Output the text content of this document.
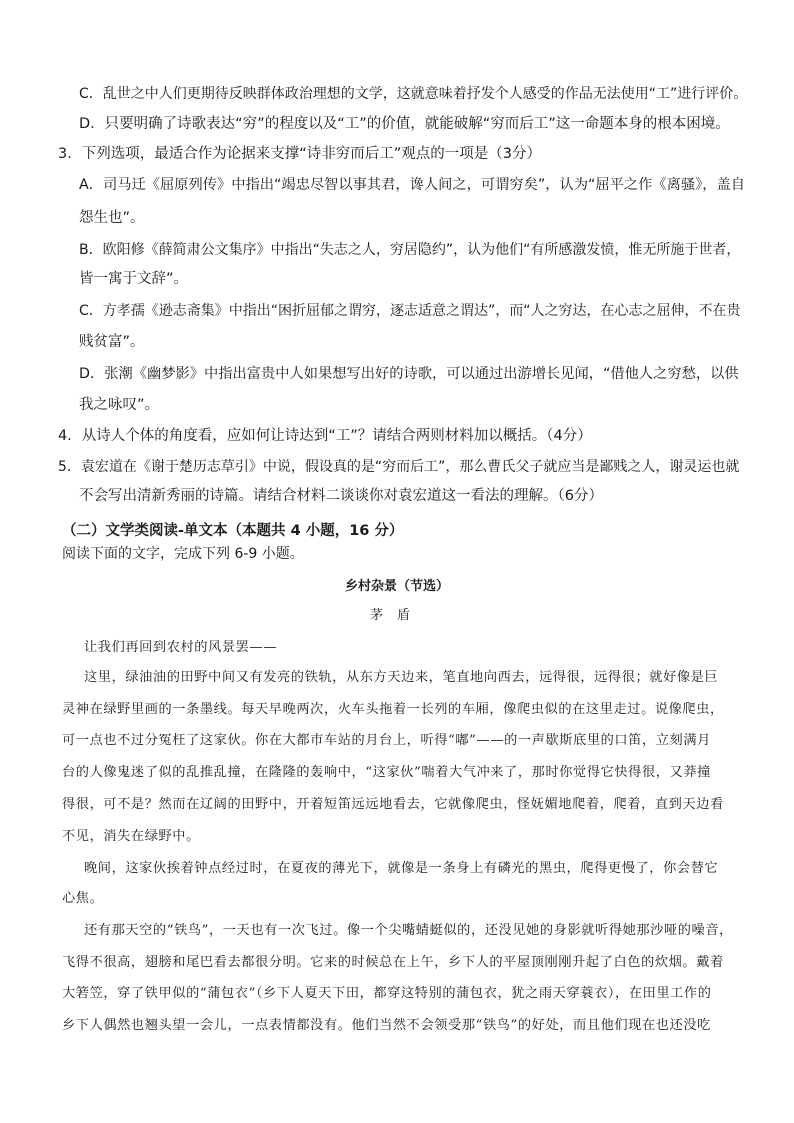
C．乱世之中人们更期待反映群体政治理想的文学，这就意味着抒发个人感受的作品无法使用“工”进行评价。
D．只要明确了诗歌表达“穷”的程度以及“工”的价值，就能破解“穷而后工”这一命题本身的根本困境。
3．下列选项，最适合作为论据来支撑“诗非穷而后工”观点的一项是（3分）
A．司马迁《屈原列传》中指出“竭忠尽智以事其君，谗人间之，可谓穷矣”，认为“屈平之作《离骚》，盖自
怨生也”。
B．欧阳修《薛简肃公文集序》中指出“失志之人，穷居隐约”，认为他们“有所感激发愤，惟无所施于世者，
皆一寓于文辞”。
C．方孝孺《逊志斋集》中指出“困折屈郁之谓穷，逐志适意之谓达”，而“人之穷达，在心志之屈伸，不在贵
贱贫富”。
D．张潮《幽梦影》中指出富贵中人如果想写出好的诗歌，可以通过出游增长见闻，“借他人之穷愁，以供
我之咏叹”。
4．从诗人个体的角度看，应如何让诗达到“工”？请结合两则材料加以概括。（4分）
5．袁宏道在《谢于楚历志草引》中说，假设真的是“穷而后工”，那么曹氏父子就应当是鄙贱之人，谢灵运也就
不会写出清新秀丽的诗篇。请结合材料二谈谈你对袁宏道这一看法的理解。（6分）
（二）文学类阅读-单文本（本题共 4 小题，16 分）
阅读下面的文字，完成下列 6-9 小题。
乡村杂景（节选）
茅盾
让我们再回到农村的风景罢——
这里，绿油油的田野中间又有发亮的铁轨，从东方天边来，笔直地向西去，远得很，远得很；就好像是巨
灵神在绿野里画的一条墨线。每天早晚两次，火车头拖着一长列的车厢，像爬虫似的在这里走过。说像爬虫，
可一点也不过分冤枉了这家伙。你在大都市车站的月台上，听得“嘟”——的一声歇斯底里的口笛，立刻满月
台的人像鬼迷了似的乱推乱撞，在隆隆的轰响中，“这家伙”喘着大气冲来了，那时你觉得它快得很，又莽撞
得很，可不是？然而在辽阔的田野中，开着短笛远远地看去，它就像爬虫，怪妩媚地爬着，爬着，直到天边看
不见，消失在绿野中。
晚间，这家伙挨着钟点经过时，在夏夜的薄光下，就像是一条身上有磷光的黑虫，爬得更慢了，你会替它
心焦。
还有那天空的“铁鸟”，一天也有一次飞过。像一个尖嘴蜻蜓似的，还没见她的身影就听得她那沙哑的噪音，
飞得不很高，翅膀和尾巴看去都很分明。它来的时候总在上午，乡下人的平屋顶刚刚升起了白色的炊烟。戴着
大箬笠，穿了铁甲似的“蒲包衣”（乡下人夏天下田，都穿这特别的蒲包衣，犹之雨天穿蓑衣），在田里工作的
乡下人偶然也翘头望一会儿，一点表情都没有。他们当然不会领受那“铁鸟”的好处，而且他们现在也还没吃
